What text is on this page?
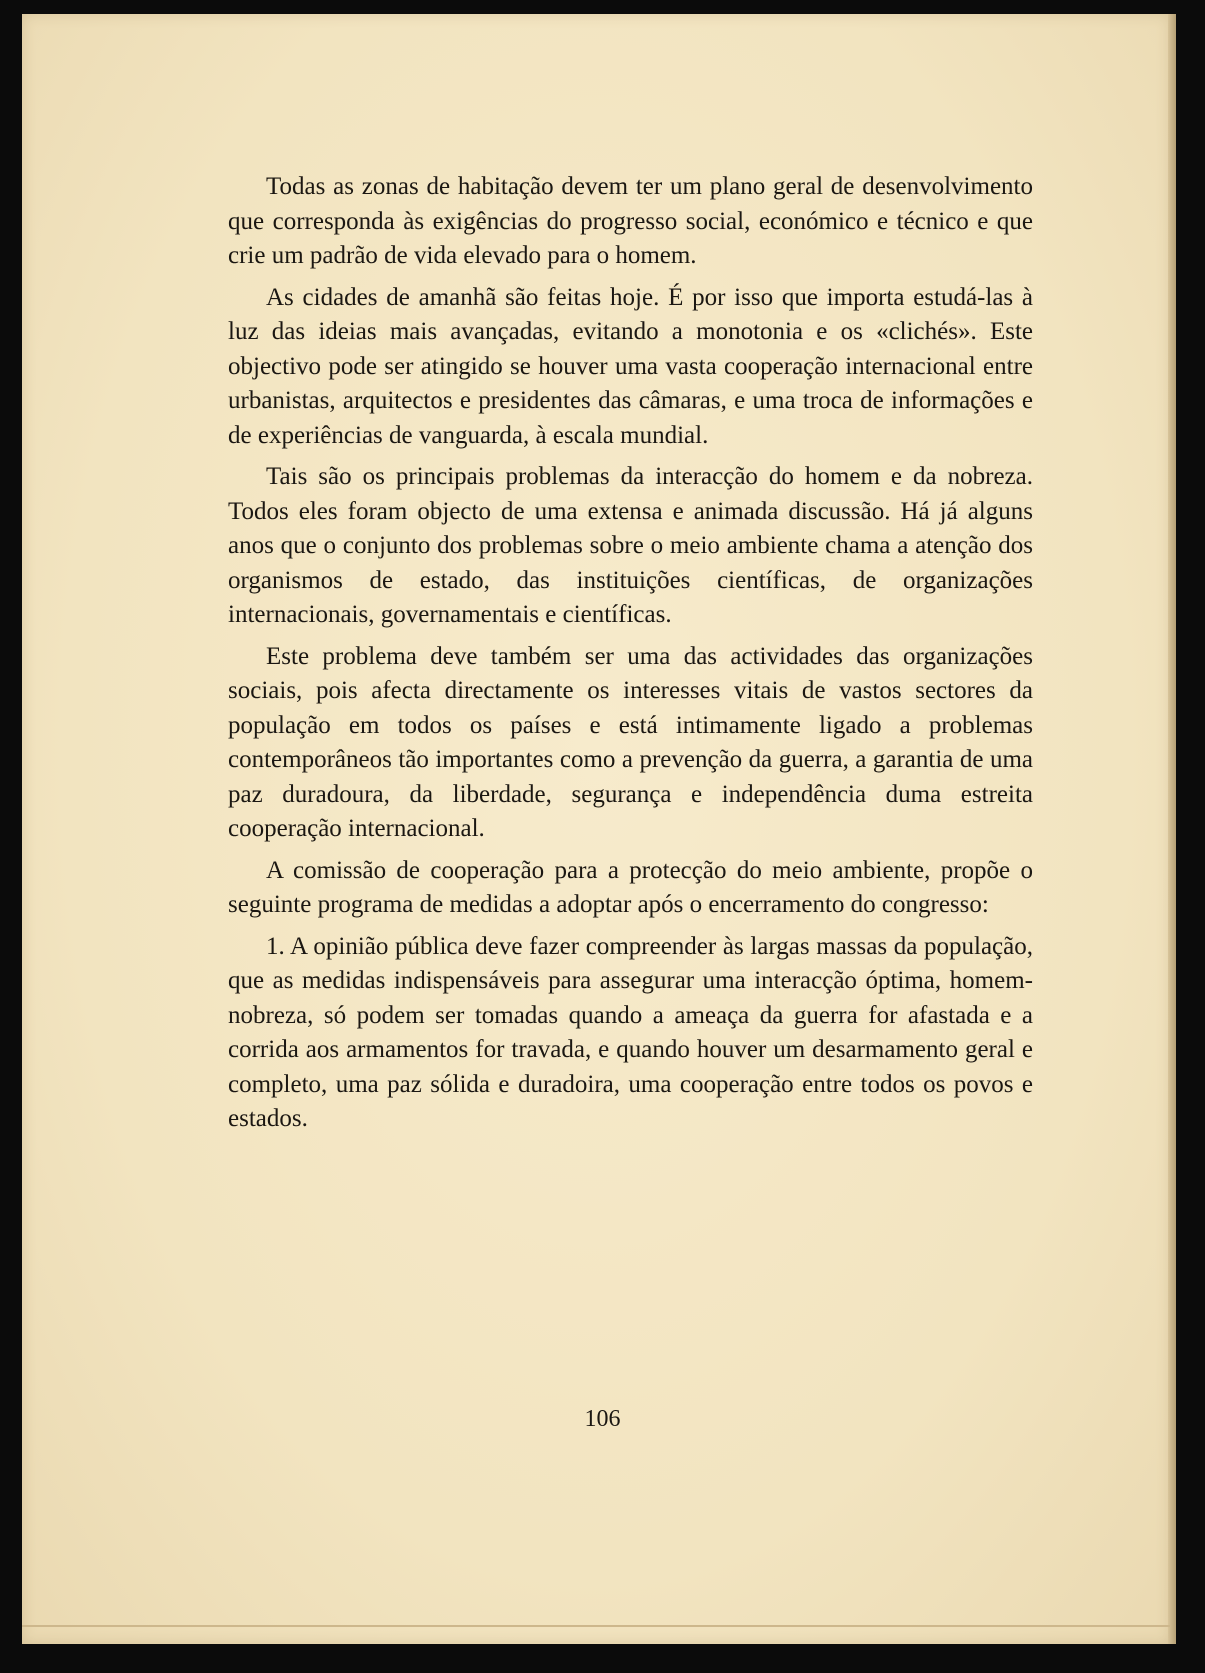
Todas as zonas de habitação devem ter um plano geral de desenvolvimento que corresponda às exigências do progresso social, económico e técnico e que crie um padrão de vida elevado para o homem.

As cidades de amanhã são feitas hoje. É por isso que importa estudá-las à luz das ideias mais avançadas, evitando a monotonia e os «clichés». Este objectivo pode ser atingido se houver uma vasta cooperação internacional entre urbanistas, arquitectos e presidentes das câmaras, e uma troca de informações e de experiências de vanguarda, à escala mundial.

Tais são os principais problemas da interacção do homem e da nobreza. Todos eles foram objecto de uma extensa e animada discussão. Há já alguns anos que o conjunto dos problemas sobre o meio ambiente chama a atenção dos organismos de estado, das instituições científicas, de organizações internacionais, governamentais e científicas.

Este problema deve também ser uma das actividades das organizações sociais, pois afecta directamente os interesses vitais de vastos sectores da população em todos os países e está intimamente ligado a problemas contemporâneos tão importantes como a prevenção da guerra, a garantia de uma paz duradoura, da liberdade, segurança e independência duma estreita cooperação internacional.

A comissão de cooperação para a protecção do meio ambiente, propõe o seguinte programa de medidas a adoptar após o encerramento do congresso:

1. A opinião pública deve fazer compreender às largas massas da população, que as medidas indispensáveis para assegurar uma interacção óptima, homem-nobreza, só podem ser tomadas quando a ameaça da guerra for afastada e a corrida aos armamentos for travada, e quando houver um desarmamento geral e completo, uma paz sólida e duradoira, uma cooperação entre todos os povos e estados.

106
